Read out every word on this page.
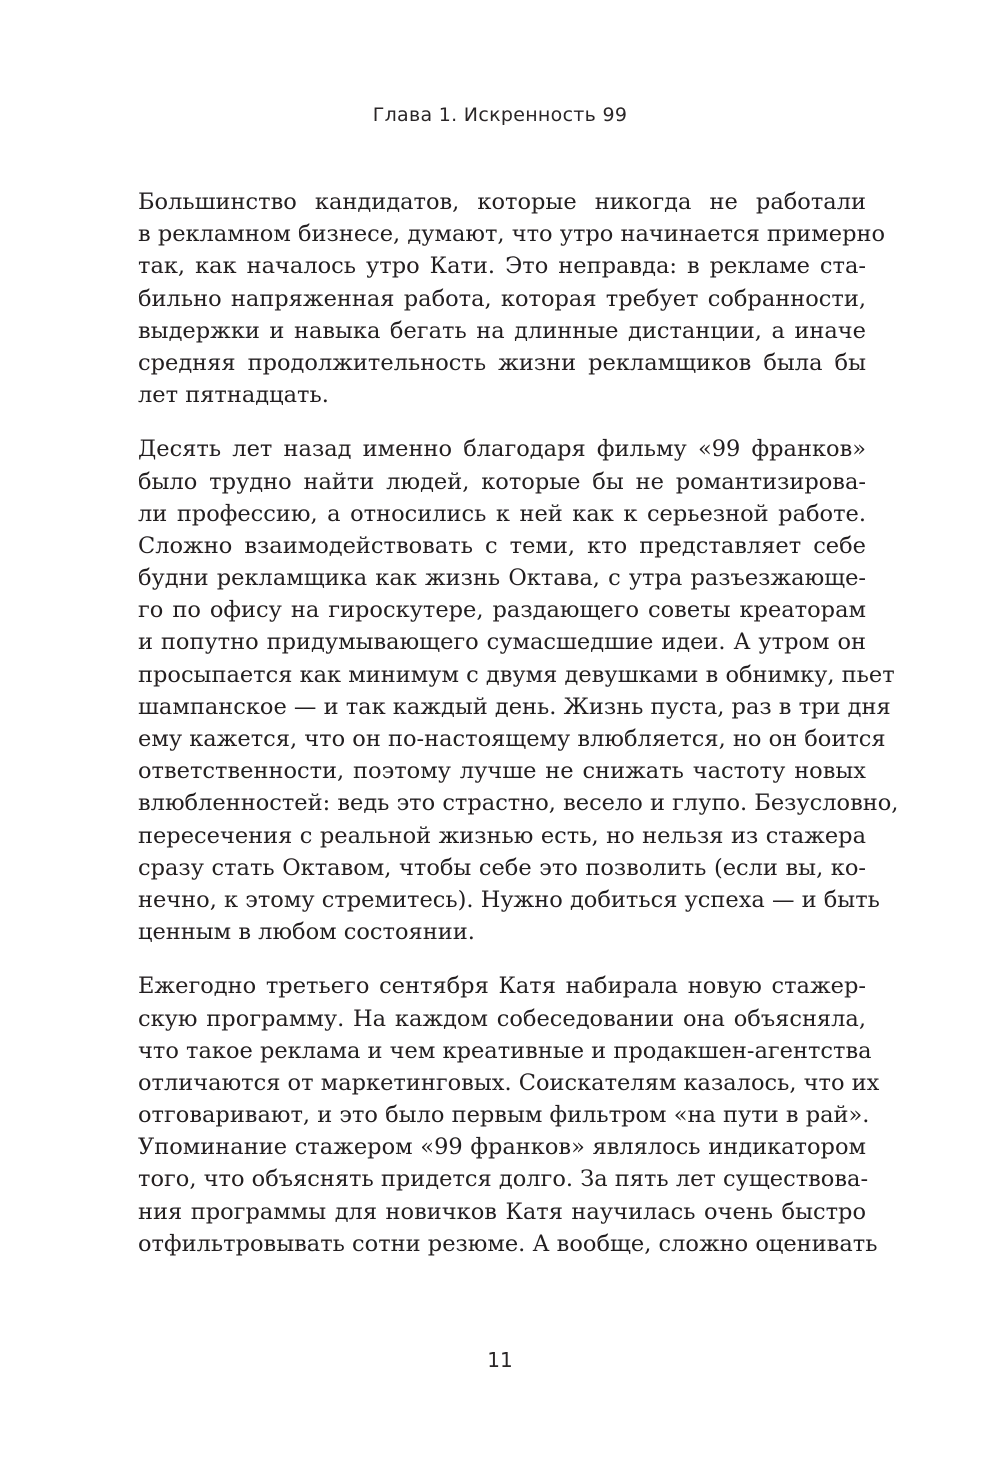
Глава 1. Искренность 99
Большинство кандидатов, которые никогда не работали
в рекламном бизнесе, думают, что утро начинается примерно
так, как началось утро Кати. Это неправда: в рекламе ста-
бильно напряженная работа, которая требует собранности,
выдержки и навыка бегать на длинные дистанции, а иначе
средняя продолжительность жизни рекламщиков была бы
лет пятнадцать.
Десять лет назад именно благодаря фильму «99 франков»
было трудно найти людей, которые бы не романтизирова-
ли профессию, а относились к ней как к серьезной работе.
Сложно взаимодействовать с теми, кто представляет себе
будни рекламщика как жизнь Октава, с утра разъезжающе-
го по офису на гироскутере, раздающего советы креаторам
и попутно придумывающего сумасшедшие идеи. А утром он
просыпается как минимум с двумя девушками в обнимку, пьет
шампанское — и так каждый день. Жизнь пуста, раз в три дня
ему кажется, что он по-настоящему влюбляется, но он боится
ответственности, поэтому лучше не снижать частоту новых
влюбленностей: ведь это страстно, весело и глупо. Безусловно,
пересечения с реальной жизнью есть, но нельзя из стажера
сразу стать Октавом, чтобы себе это позволить (если вы, ко-
нечно, к этому стремитесь). Нужно добиться успеха — и быть
ценным в любом состоянии.
Ежегодно третьего сентября Катя набирала новую стажер-
скую программу. На каждом собеседовании она объясняла,
что такое реклама и чем креативные и продакшен-агентства
отличаются от маркетинговых. Соискателям казалось, что их
отговаривают, и это было первым фильтром «на пути в рай».
Упоминание стажером «99 франков» являлось индикатором
того, что объяснять придется долго. За пять лет существова-
ния программы для новичков Катя научилась очень быстро
отфильтровывать сотни резюме. А вообще, сложно оценивать
11
